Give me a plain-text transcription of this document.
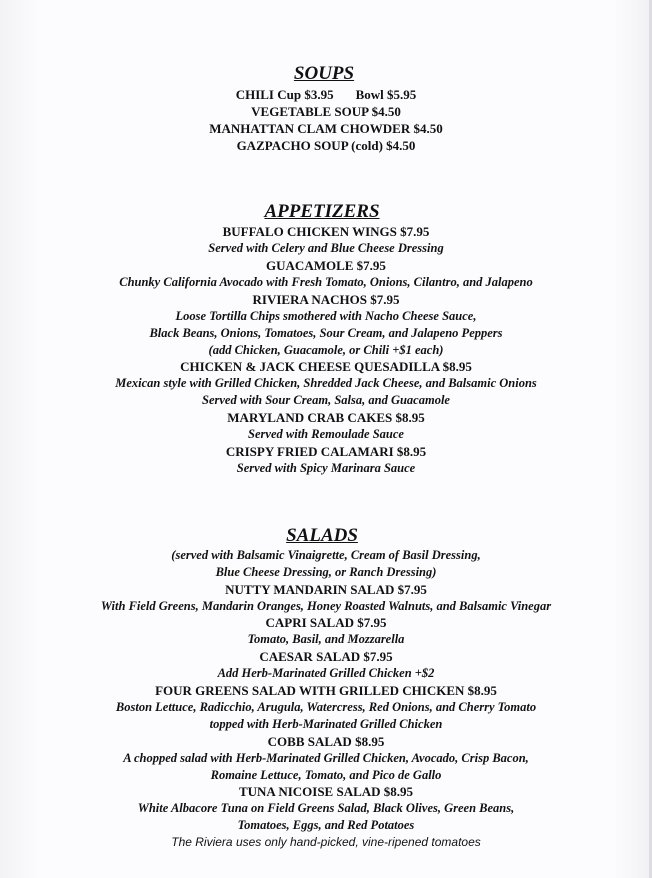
SOUPS
CHILI Cup $3.95 Bowl $5.95
VEGETABLE SOUP $4.50
MANHATTAN CLAM CHOWDER $4.50
GAZPACHO SOUP (cold) $4.50
APPETIZERS
BUFFALO CHICKEN WINGS $7.95
Served with Celery and Blue Cheese Dressing
GUACAMOLE $7.95
Chunky California Avocado with Fresh Tomato, Onions, Cilantro, and Jalapeno
RIVIERA NACHOS $7.95
Loose Tortilla Chips smothered with Nacho Cheese Sauce,
Black Beans, Onions, Tomatoes, Sour Cream, and Jalapeno Peppers
(add Chicken, Guacamole, or Chili +$1 each)
CHICKEN & JACK CHEESE QUESADILLA $8.95
Mexican style with Grilled Chicken, Shredded Jack Cheese, and Balsamic Onions
Served with Sour Cream, Salsa, and Guacamole
MARYLAND CRAB CAKES $8.95
Served with Remoulade Sauce
CRISPY FRIED CALAMARI $8.95
Served with Spicy Marinara Sauce
SALADS
(served with Balsamic Vinaigrette, Cream of Basil Dressing,
Blue Cheese Dressing, or Ranch Dressing)
NUTTY MANDARIN SALAD $7.95
With Field Greens, Mandarin Oranges, Honey Roasted Walnuts, and Balsamic Vinegar
CAPRI SALAD $7.95
Tomato, Basil, and Mozzarella
CAESAR SALAD $7.95
Add Herb-Marinated Grilled Chicken +$2
FOUR GREENS SALAD WITH GRILLED CHICKEN $8.95
Boston Lettuce, Radicchio, Arugula, Watercress, Red Onions, and Cherry Tomato
topped with Herb-Marinated Grilled Chicken
COBB SALAD $8.95
A chopped salad with Herb-Marinated Grilled Chicken, Avocado, Crisp Bacon,
Romaine Lettuce, Tomato, and Pico de Gallo
TUNA NICOISE SALAD $8.95
White Albacore Tuna on Field Greens Salad, Black Olives, Green Beans,
Tomatoes, Eggs, and Red Potatoes
The Riviera uses only hand-picked, vine-ripened tomatoes
